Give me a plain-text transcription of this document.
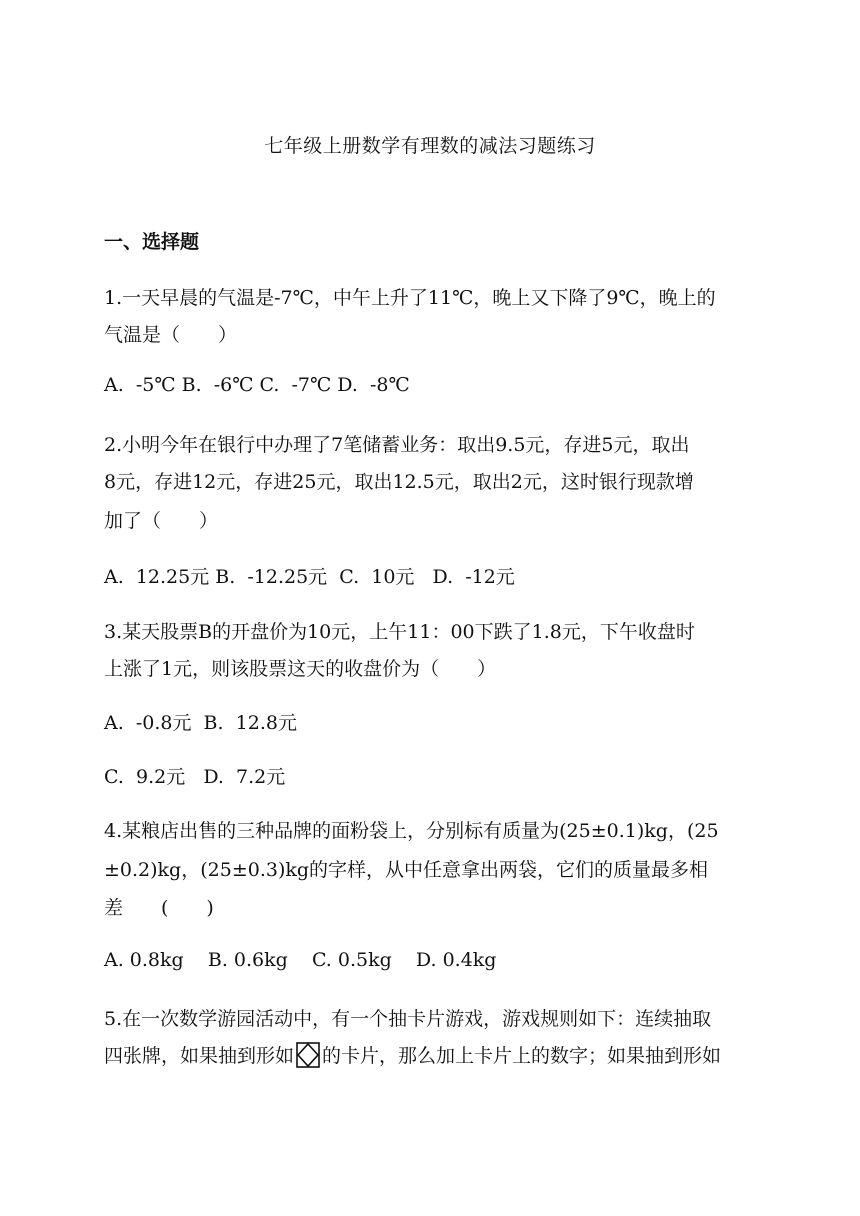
七年级上册数学有理数的减法习题练习
一、选择题
1.一天早晨的气温是-7℃，中午上升了11℃，晚上又下降了9℃，晚上的
气温是（　　）
A.  -5℃ B.  -6℃ C.  -7℃ D.  -8℃
2.小明今年在银行中办理了7笔储蓄业务：取出9.5元，存进5元，取出
8元，存进12元，存进25元，取出12.5元，取出2元，这时银行现款增
加了（　　）
A.  12.25元 B.  -12.25元  C.  10元   D.  -12元
3.某天股票B的开盘价为10元，上午11：00下跌了1.8元，下午收盘时
上涨了1元，则该股票这天的收盘价为（　　）
A.  -0.8元  B.  12.8元
C.  9.2元   D.  7.2元
4.某粮店出售的三种品牌的面粉袋上，分别标有质量为(25±0.1)kg，(25
±0.2)kg，(25±0.3)kg的字样，从中任意拿出两袋，它们的质量最多相
差　　(　　)
A. 0.8kg    B. 0.6kg    C. 0.5kg    D. 0.4kg
5.在一次数学游园活动中，有一个抽卡片游戏，游戏规则如下：连续抽取
四张牌，如果抽到形如 的卡片，那么加上卡片上的数字；如果抽到形如
